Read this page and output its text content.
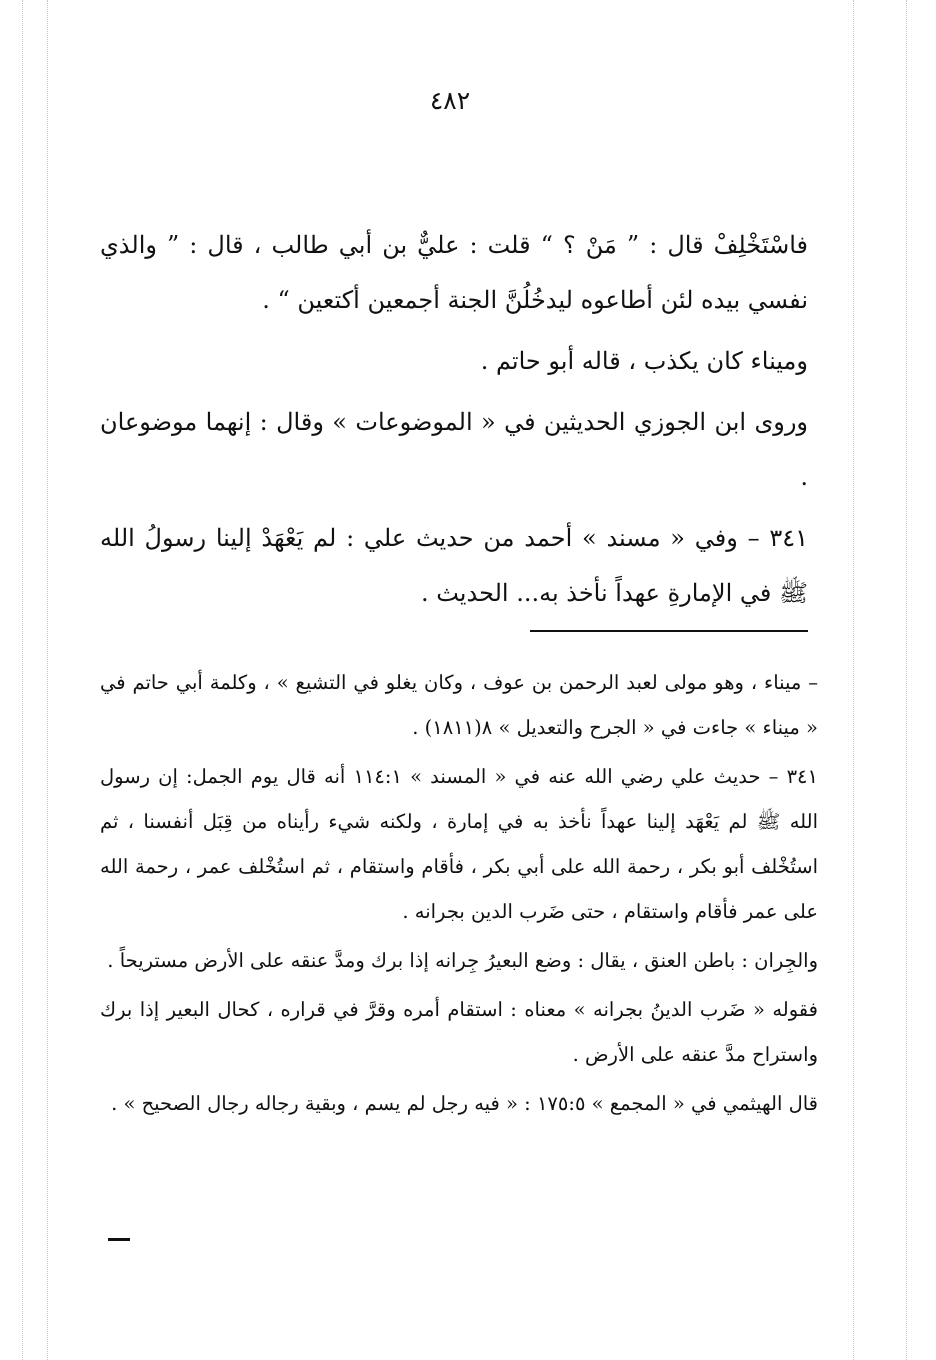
٤٨٢

فاسْتَخْلِفْ قال : ” مَنْ ؟ “ قلت : عليٌّ بن أبي طالب ، قال : ” والذي نفسي بيده لئن أطاعوه ليدخُلُنَّ الجنة أجمعين أكتعين “ .

وميناء كان يكذب ، قاله أبو حاتم .

وروى ابن الجوزي الحديثين في « الموضوعات » وقال : إنهما موضوعان .

٣٤١ – وفي « مسند » أحمد من حديث علي : لم يَعْهَدْ إلينا رسولُ الله ﷺ في الإمارةِ عهداً نأخذ به... الحديث .

– ميناء ، وهو مولى لعبد الرحمن بن عوف ، وكان يغلو في التشيع » ، وكلمة أبي حاتم في « ميناء » جاءت في « الجرح والتعديل » ٨(١٨١١) .

٣٤١ – حديث علي رضي الله عنه في « المسند » ١١٤:١ أنه قال يوم الجمل: إن رسول الله ﷺ لم يَعْهَد إلينا عهداً نأخذ به في إمارة ، ولكنه شيء رأيناه من قِبَل أنفسنا ، ثم استُخْلف أبو بكر ، رحمة الله على أبي بكر ، فأقام واستقام ، ثم استُخْلف عمر ، رحمة الله على عمر فأقام واستقام ، حتى ضَرب الدين بجرانه .

والجِران : باطن العنق ، يقال : وضع البعيرُ جِرانه إذا برك ومدَّ عنقه على الأرض مستريحاً .

فقوله « ضَرب الدينُ بجرانه » معناه : استقام أمره وقرَّ في قراره ، كحال البعير إذا برك واستراح مدَّ عنقه على الأرض .

قال الهيثمي في « المجمع » ١٧٥:٥ : « فيه رجل لم يسم ، وبقية رجاله رجال الصحيح » .
